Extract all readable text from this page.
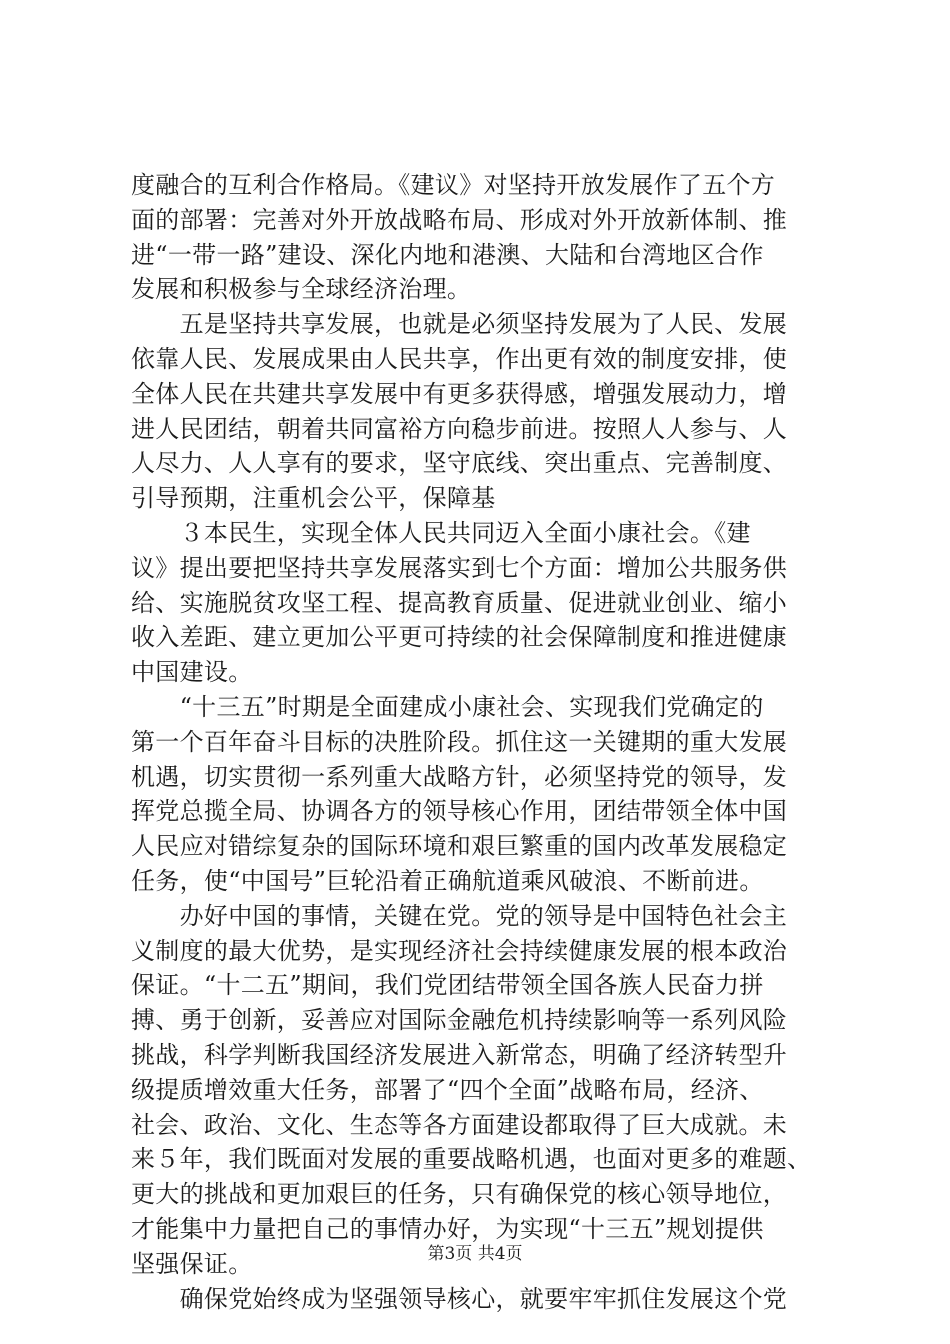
度融合的互利合作格局。《建议》对坚持开放发展作了五个方
面的部署：完善对外开放战略布局、形成对外开放新体制、推
进“一带一路”建设、深化内地和港澳、大陆和台湾地区合作
发展和积极参与全球经济治理。
　　五是坚持共享发展，也就是必须坚持发展为了人民、发展
依靠人民、发展成果由人民共享，作出更有效的制度安排，使
全体人民在共建共享发展中有更多获得感，增强发展动力，增
进人民团结，朝着共同富裕方向稳步前进。按照人人参与、人
人尽力、人人享有的要求，坚守底线、突出重点、完善制度、
引导预期，注重机会公平，保障基
　　３本民生，实现全体人民共同迈入全面小康社会。《建
议》提出要把坚持共享发展落实到七个方面：增加公共服务供
给、实施脱贫攻坚工程、提高教育质量、促进就业创业、缩小
收入差距、建立更加公平更可持续的社会保障制度和推进健康
中国建设。
　　“十三五”时期是全面建成小康社会、实现我们党确定的
第一个百年奋斗目标的决胜阶段。抓住这一关键期的重大发展
机遇，切实贯彻一系列重大战略方针，必须坚持党的领导，发
挥党总揽全局、协调各方的领导核心作用，团结带领全体中国
人民应对错综复杂的国际环境和艰巨繁重的国内改革发展稳定
任务，使“中国号”巨轮沿着正确航道乘风破浪、不断前进。
　　办好中国的事情，关键在党。党的领导是中国特色社会主
义制度的最大优势，是实现经济社会持续健康发展的根本政治
保证。“十二五”期间，我们党团结带领全国各族人民奋力拼
搏、勇于创新，妥善应对国际金融危机持续影响等一系列风险
挑战，科学判断我国经济发展进入新常态，明确了经济转型升
级提质增效重大任务，部署了“四个全面”战略布局，经济、
社会、政治、文化、生态等各方面建设都取得了巨大成就。未
来５年，我们既面对发展的重要战略机遇，也面对更多的难题、
更大的挑战和更加艰巨的任务，只有确保党的核心领导地位，
才能集中力量把自己的事情办好，为实现“十三五”规划提供
坚强保证。
　　确保党始终成为坚强领导核心，就要牢牢抓住发展这个党
第3页 共4页
